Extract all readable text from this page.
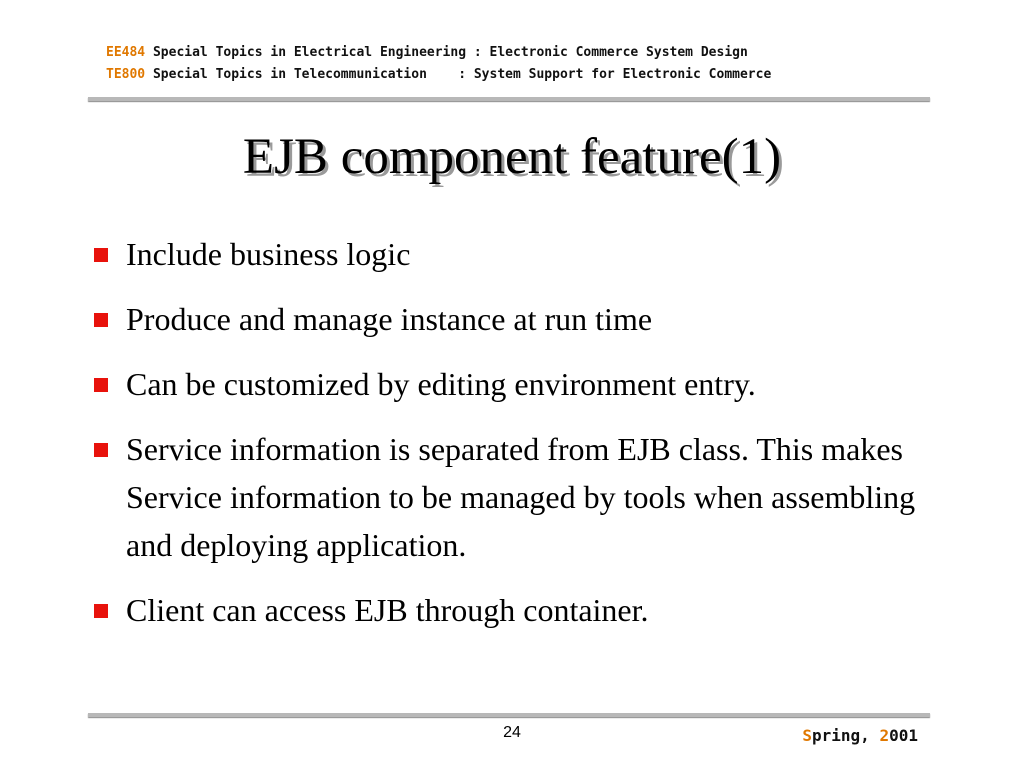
EE484 Special Topics in Electrical Engineering : Electronic Commerce System Design
TE800 Special Topics in Telecommunication    : System Support for Electronic Commerce
EJB component feature(1)
Include business logic
Produce and manage instance at run time
Can be customized by editing environment entry.
Service information is separated from EJB class. This makes Service information to be managed by tools when assembling and deploying application.
Client can access EJB through container.
24	Spring, 2001
